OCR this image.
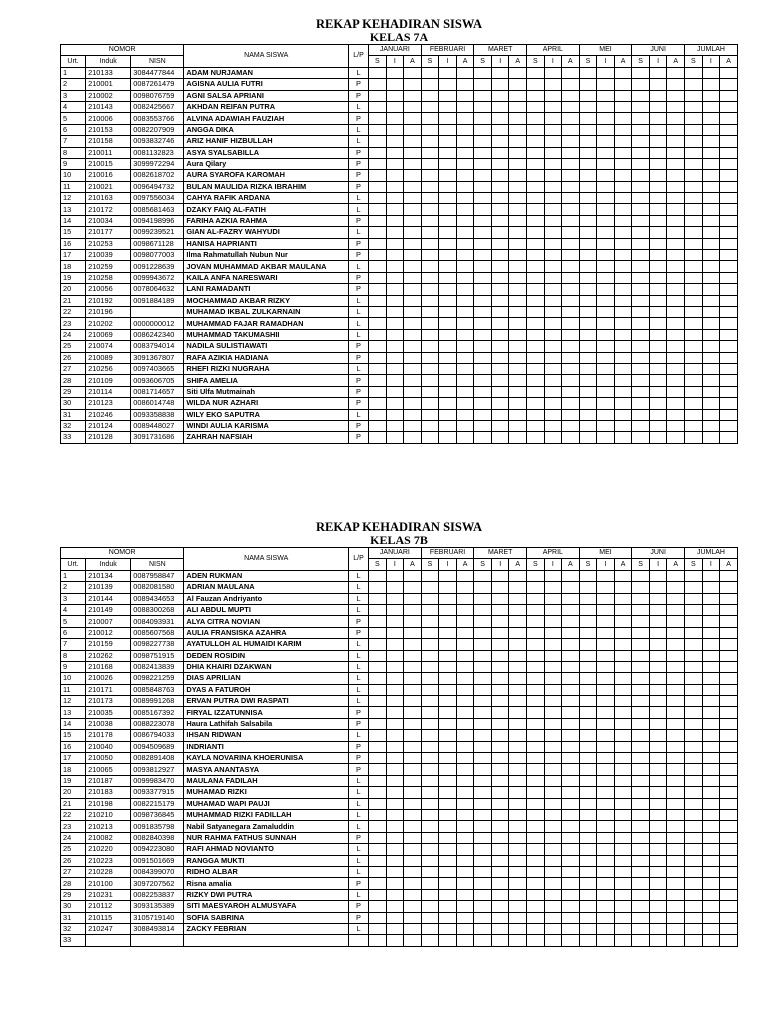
REKAP KEHADIRAN SISWA
KELAS 7A
NOMOR			NAMA SISWA	L/P	JANUARI			FEBRUARI			MARET			APRIL			MEI			JUNI			JUMLAH		
Urt.	Induk	NISN			S	I	A	S	I	A	S	I	A	S	I	A	S	I	A	S	I	A	S	I	A
1	210133	3084477844	ADAM NURJAMAN	L																					
2	210001	0087261479	AGISNA AULIA FUTRI	P																					
3	210002	0098076759	AGNI SALSA APRIANI	P																					
4	210143	0082425667	AKHDAN REIFAN PUTRA	L																					
5	210006	0083553766	ALVINA ADAWIAH FAUZIAH	P																					
6	210153	0082207909	ANGGA DIKA	L																					
7	210158	0093832746	ARIZ HANIF HIZBULLAH	L																					
8	210011	0081132823	ASYA SYALSABILLA	P																					
9	210015	3099972294	Aura Qilary	P																					
10	210016	0082618702	AURA SYAROFA KAROMAH	P																					
11	210021	0096494732	BULAN MAULIDA RIZKA IBRAHIM	P																					
12	210163	0097556034	CAHYA RAFIK ARDANA	L																					
13	210172	0085681463	DZAKY FAIQ AL-FATIH	L																					
14	210034	0094198996	FARIHA AZKIA RAHMA	P																					
15	210177	0099239521	GIAN AL-FAZRY WAHYUDI	L																					
16	210253	0098671128	HANISA HAPRIANTI	P																					
17	210039	0098077003	Ilma Rahmatullah Nubun Nur	P																					
18	210259	0091228639	JOVAN MUHAMMAD AKBAR MAULANA	L																					
19	210258	0099943672	KAILA ANFA NARESWARI	P																					
20	210056	0078064632	LANI RAMADANTI	P																					
21	210192	0091884189	MOCHAMMAD AKBAR RIZKY	L																					
22	210196		MUHAMAD IKBAL ZULKARNAIN	L																					
23	210202	0000000012	MUHAMMAD FAJAR RAMADHAN	L																					
24	210069	0086242340	MUHAMMAD TAKUMASHII	L																					
25	210074	0083794014	NADILA SULISTIAWATI	P																					
26	210089	3091367807	RAFA AZIKIA HADIANA	P																					
27	210256	0097403665	RHEFI RIZKI NUGRAHA	L																					
28	210109	0093606705	SHIFA AMELIA	P																					
29	210114	0081714657	Siti Ulfa Mutmainah	P																					
30	210123	0086014748	WILDA NUR AZHARI	P																					
31	210246	0093358838	WILY EKO SAPUTRA	L																					
32	210124	0089448027	WINDI AULIA KARISMA	P																					
33	210128	3091731686	ZAHRAH NAFSIAH	P																					
REKAP KEHADIRAN SISWA
KELAS 7B
NOMOR			NAMA SISWA	L/P	JANUARI			FEBRUARI			MARET			APRIL			MEI			JUNI			JUMLAH		
Urt.	Induk	NISN			S	I	A	S	I	A	S	I	A	S	I	A	S	I	A	S	I	A	S	I	A
1	210134	0087958847	ADEN RUKMAN	L																					
2	210139	0082081580	ADRIAN MAULANA	L																					
3	210144	0089434653	Al Fauzan Andriyanto	L																					
4	210149	0088300268	ALI ABDUL MUPTI	L																					
5	210007	0084093931	ALYA CITRA NOVIAN	P																					
6	210012	0085607568	AULIA FRANSISKA AZAHRA	P																					
7	210159	0098227738	AYATULLOH AL HUMAIDI KARIM	L																					
8	210262	0098751915	DEDEN ROSIDIN	L																					
9	210168	0082413839	DHIA KHAIRI DZAKWAN	L																					
10	210026	0098221259	DIAS APRILIAN	L																					
11	210171	0085848763	DYAS A FATUROH	L																					
12	210173	0089991268	ERVAN PUTRA DWI RASPATI	L																					
13	210035	0085167392	FIRYAL IZZATUNNISA	P																					
14	210038	0088223078	Haura Lathifah Salsabila	P																					
15	210178	0086794033	IHSAN RIDWAN	L																					
16	210040	0094509689	INDRIANTI	P																					
17	210050	0082891408	KAYLA NOVARINA KHOERUNISA	P																					
18	210065	0093812927	MASYA ANANTASYA	P																					
19	210187	0099983470	MAULANA FADILAH	L																					
20	210183	0093377915	MUHAMAD RIZKI	L																					
21	210198	0082215179	MUHAMAD WAPI PAUJI	L																					
22	210210	0098736845	MUHAMMAD RIZKI FADILLAH	L																					
23	210213	0091835798	Nabil Satyanegara Zamaluddin	L																					
24	210082	0082840398	NUR RAHMA FATHUS SUNNAH	P																					
25	210220	0094223080	RAFI AHMAD NOVIANTO	L																					
26	210223	0091501669	RANGGA MUKTI	L																					
27	210228	0084399070	RIDHO ALBAR	L																					
28	210100	3097207562	Risna amalia	P																					
29	210231	0082253837	RIZKY DWI PUTRA	L																					
30	210112	3093135389	SITI MAESYAROH ALMUSYAFA	P																					
31	210115	3105719140	SOFIA SABRINA	P																					
32	210247	3088493814	ZACKY FEBRIAN	L																					
33																									
